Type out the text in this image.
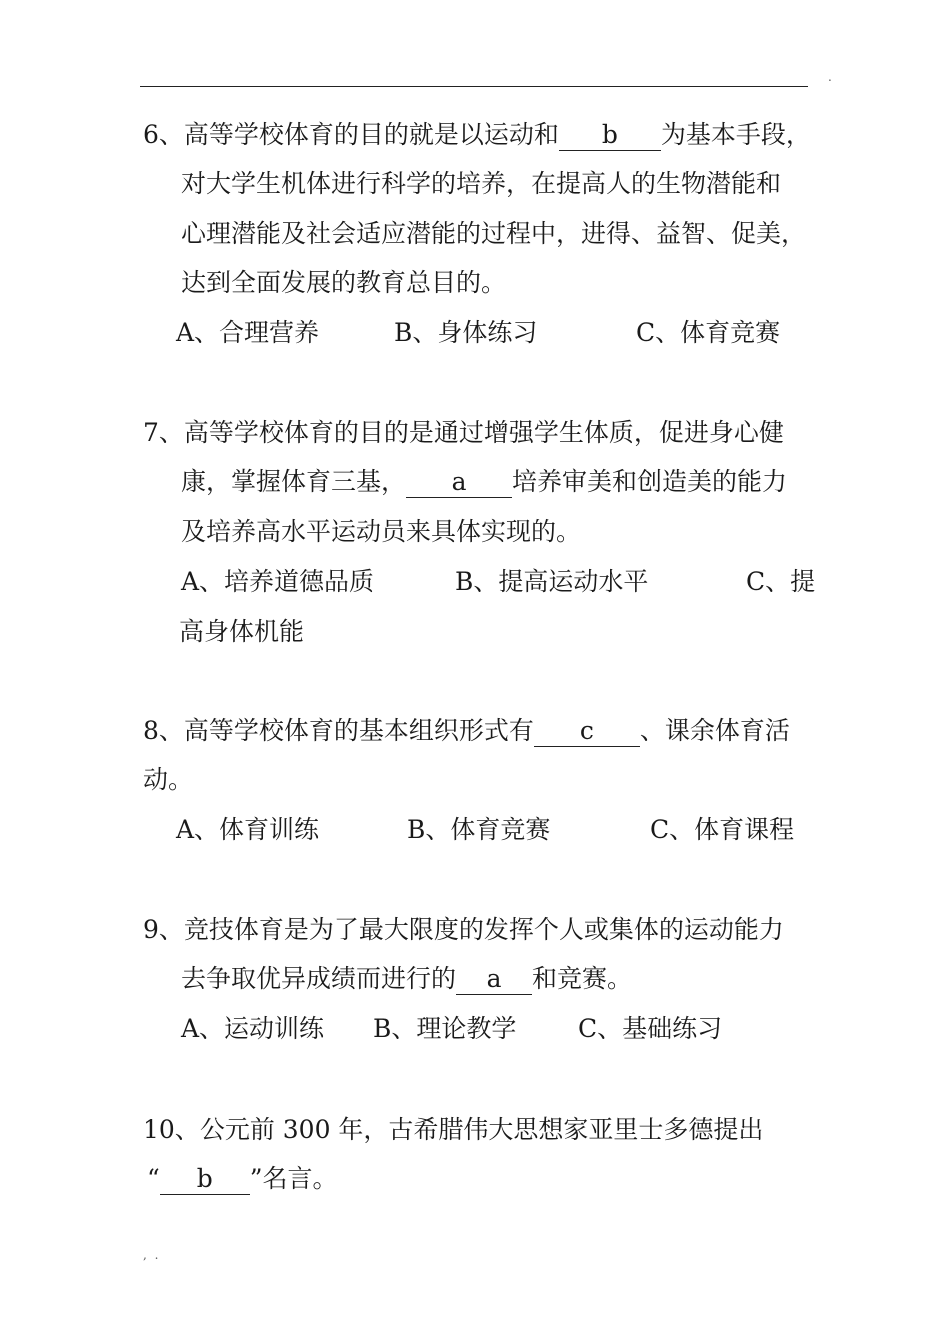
.
6、高等学校体育的目的就是以运动和 b 为基本手段，
对大学生机体进行科学的培养，在提高人的生物潜能和
心理潜能及社会适应潜能的过程中，进得、益智、促美，
达到全面发展的教育总目的。
A、合理营养	B、身体练习	C、体育竞赛
7、高等学校体育的目的是通过增强学生体质，促进身心健
康，掌握体育三基， a 培养审美和创造美的能力
及培养高水平运动员来具体实现的。
A、培养道德品质	B、提高运动水平	C、提
高身体机能
8、高等学校体育的基本组织形式有 c 、课余体育活
动。
A、体育训练	B、体育竞赛	C、体育课程
9、竞技体育是为了最大限度的发挥个人或集体的运动能力
去争取优异成绩而进行的 a 和竞赛。
A、运动训练 B、理论教学 C、基础练习
10、公元前 300 年，古希腊伟大思想家亚里士多德提出
“ b ”名言。
, .
